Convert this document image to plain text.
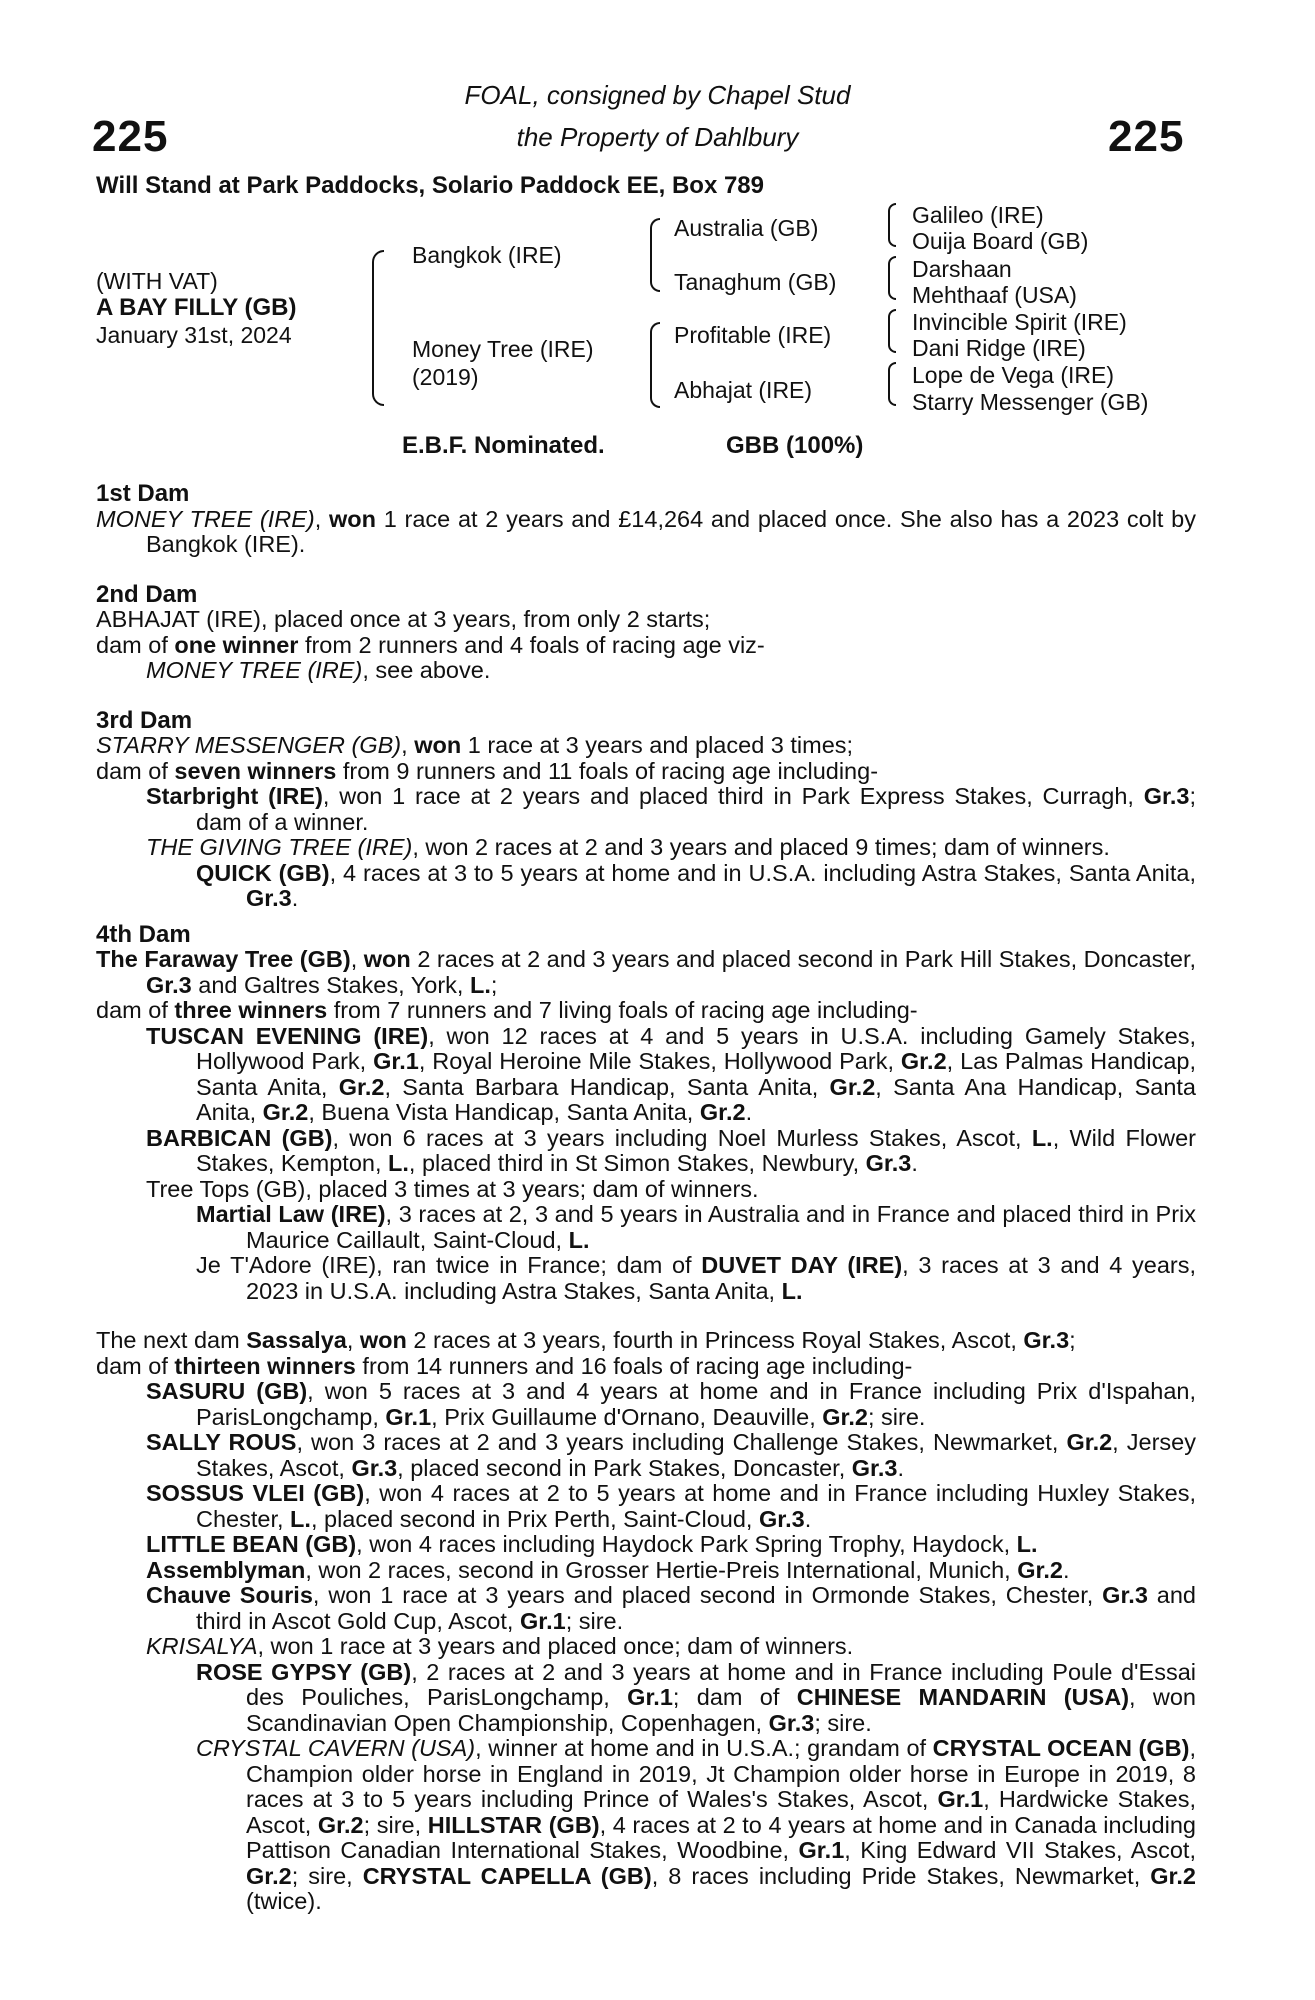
FOAL, consigned by Chapel Stud
the Property of Dahlbury
225	225
Will Stand at Park Paddocks, Solario Paddock EE, Box 789
(WITH VAT)
A BAY FILLY (GB)
January 31st, 2024
Bangkok (IRE)
Money Tree (IRE)
(2019)
Australia (GB)
Tanaghum (GB)
Profitable (IRE)
Abhajat (IRE)
Galileo (IRE)
Ouija Board (GB)
Darshaan
Mehthaaf (USA)
Invincible Spirit (IRE)
Dani Ridge (IRE)
Lope de Vega (IRE)
Starry Messenger (GB)
E.B.F. Nominated.	GBB (100%)
1st Dam

MONEY TREE (IRE), won 1 race at 2 years and £14,264 and placed once. She also has a 2023 colt by Bangkok (IRE).

2nd Dam

ABHAJAT (IRE), placed once at 3 years, from only 2 starts;

dam of one winner from 2 runners and 4 foals of racing age viz-

MONEY TREE (IRE), see above.

3rd Dam

STARRY MESSENGER (GB), won 1 race at 3 years and placed 3 times;

dam of seven winners from 9 runners and 11 foals of racing age including-

Starbright (IRE), won 1 race at 2 years and placed third in Park Express Stakes, Curragh, Gr.3; dam of a winner.

THE GIVING TREE (IRE), won 2 races at 2 and 3 years and placed 9 times; dam of winners.

QUICK (GB), 4 races at 3 to 5 years at home and in U.S.A. including Astra Stakes, Santa Anita, Gr.3.

4th Dam

The Faraway Tree (GB), won 2 races at 2 and 3 years and placed second in Park Hill Stakes, Doncaster, Gr.3 and Galtres Stakes, York, L.;

dam of three winners from 7 runners and 7 living foals of racing age including-

TUSCAN EVENING (IRE), won 12 races at 4 and 5 years in U.S.A. including Gamely Stakes, Hollywood Park, Gr.1, Royal Heroine Mile Stakes, Hollywood Park, Gr.2, Las Palmas Handicap, Santa Anita, Gr.2, Santa Barbara Handicap, Santa Anita, Gr.2, Santa Ana Handicap, Santa Anita, Gr.2, Buena Vista Handicap, Santa Anita, Gr.2.

BARBICAN (GB), won 6 races at 3 years including Noel Murless Stakes, Ascot, L., Wild Flower Stakes, Kempton, L., placed third in St Simon Stakes, Newbury, Gr.3.

Tree Tops (GB), placed 3 times at 3 years; dam of winners.

Martial Law (IRE), 3 races at 2, 3 and 5 years in Australia and in France and placed third in Prix Maurice Caillault, Saint-Cloud, L.

Je T'Adore (IRE), ran twice in France; dam of DUVET DAY (IRE), 3 races at 3 and 4 years, 2023 in U.S.A. including Astra Stakes, Santa Anita, L.

The next dam Sassalya, won 2 races at 3 years, fourth in Princess Royal Stakes, Ascot, Gr.3;

dam of thirteen winners from 14 runners and 16 foals of racing age including-

SASURU (GB), won 5 races at 3 and 4 years at home and in France including Prix d'Ispahan, ParisLongchamp, Gr.1, Prix Guillaume d'Ornano, Deauville, Gr.2; sire.

SALLY ROUS, won 3 races at 2 and 3 years including Challenge Stakes, Newmarket, Gr.2, Jersey Stakes, Ascot, Gr.3, placed second in Park Stakes, Doncaster, Gr.3.

SOSSUS VLEI (GB), won 4 races at 2 to 5 years at home and in France including Huxley Stakes, Chester, L., placed second in Prix Perth, Saint-Cloud, Gr.3.

LITTLE BEAN (GB), won 4 races including Haydock Park Spring Trophy, Haydock, L.

Assemblyman, won 2 races, second in Grosser Hertie-Preis International, Munich, Gr.2.

Chauve Souris, won 1 race at 3 years and placed second in Ormonde Stakes, Chester, Gr.3 and third in Ascot Gold Cup, Ascot, Gr.1; sire.

KRISALYA, won 1 race at 3 years and placed once; dam of winners.

ROSE GYPSY (GB), 2 races at 2 and 3 years at home and in France including Poule d'Essai des Pouliches, ParisLongchamp, Gr.1; dam of CHINESE MANDARIN (USA), won Scandinavian Open Championship, Copenhagen, Gr.3; sire.

CRYSTAL CAVERN (USA), winner at home and in U.S.A.; grandam of CRYSTAL OCEAN (GB), Champion older horse in England in 2019, Jt Champion older horse in Europe in 2019, 8 races at 3 to 5 years including Prince of Wales's Stakes, Ascot, Gr.1, Hardwicke Stakes, Ascot, Gr.2; sire, HILLSTAR (GB), 4 races at 2 to 4 years at home and in Canada including Pattison Canadian International Stakes, Woodbine, Gr.1, King Edward VII Stakes, Ascot, Gr.2; sire, CRYSTAL CAPELLA (GB), 8 races including Pride Stakes, Newmarket, Gr.2 (twice).
